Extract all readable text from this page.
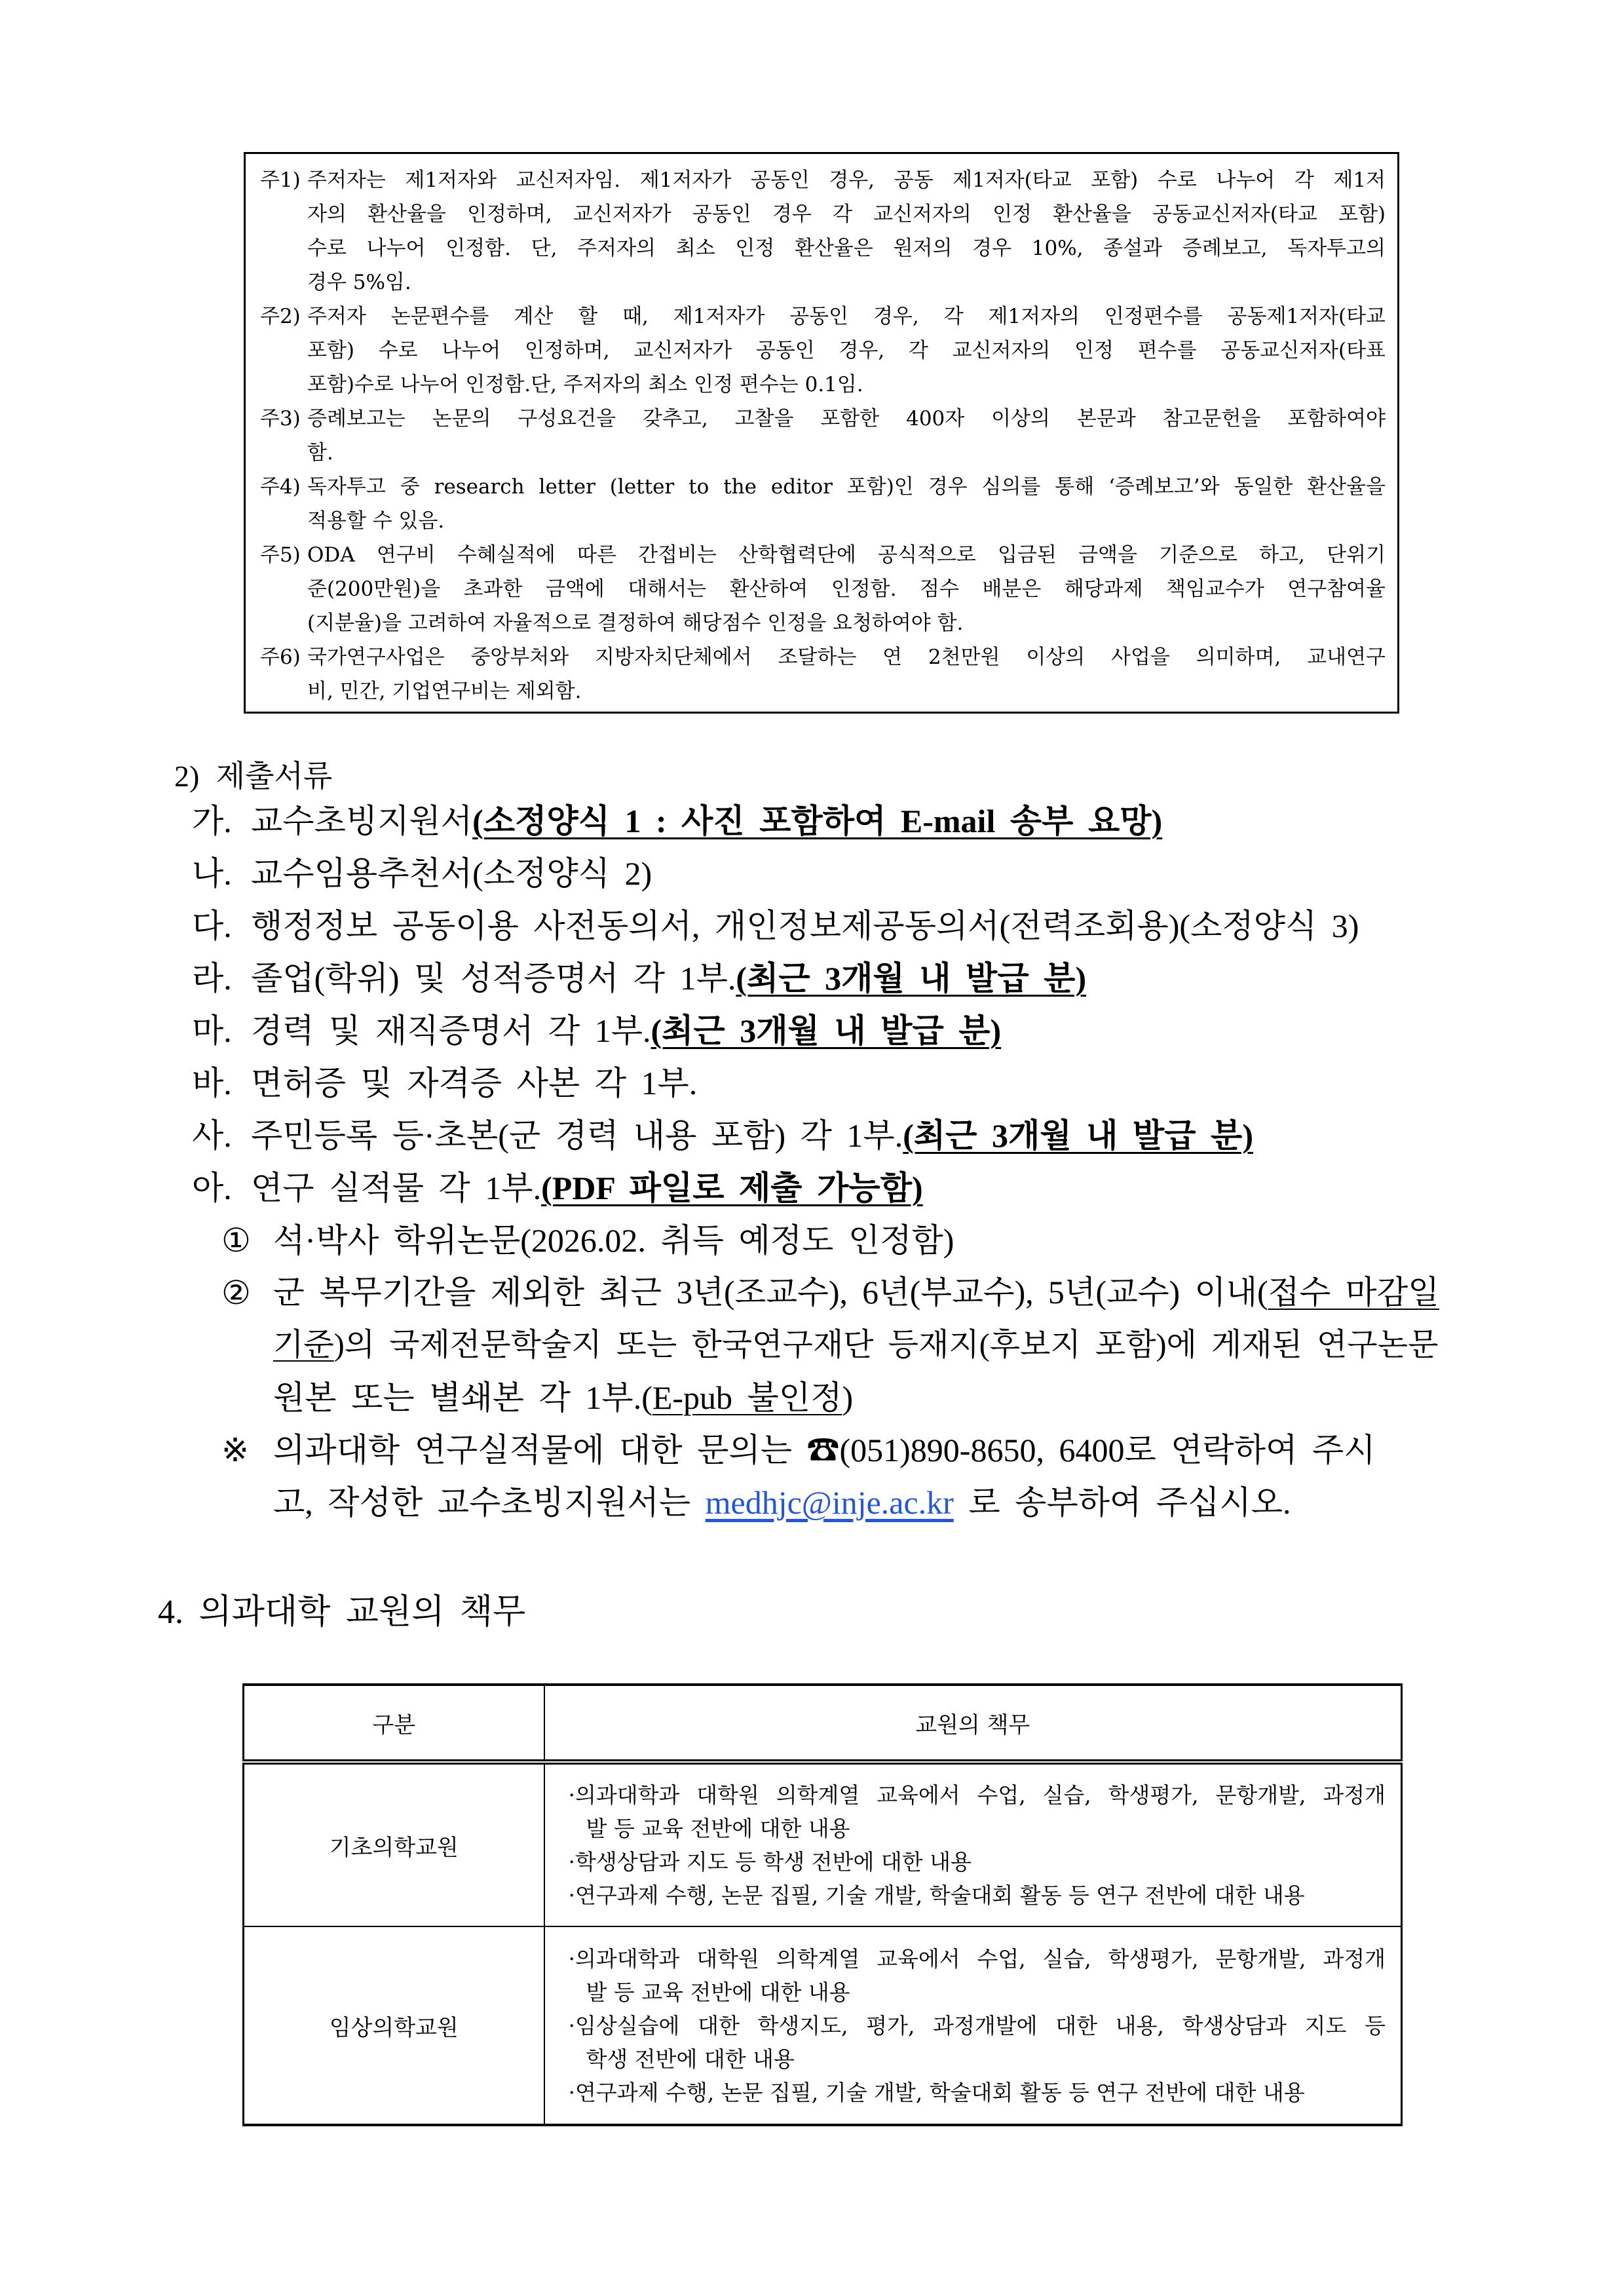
주1) 주저자는 제1저자와 교신저자임. 제1저자가 공동인 경우, 공동 제1저자(타교 포함) 수로 나누어 각 제1저
자의 환산율을 인정하며, 교신저자가 공동인 경우 각 교신저자의 인정 환산율을 공동교신저자(타교 포함)
수로 나누어 인정함. 단, 주저자의 최소 인정 환산율은 원저의 경우 10%, 종설과 증례보고, 독자투고의
경우 5%임.
주2) 주저자 논문편수를 계산 할 때, 제1저자가 공동인 경우, 각 제1저자의 인정편수를 공동제1저자(타교
포함) 수로 나누어 인정하며, 교신저자가 공동인 경우, 각 교신저자의 인정 편수를 공동교신저자(타표
포함)수로 나누어 인정함.단, 주저자의 최소 인정 편수는 0.1임.
주3) 증례보고는 논문의 구성요건을 갖추고, 고찰을 포함한 400자 이상의 본문과 참고문헌을 포함하여야
함.
주4) 독자투고 중 research letter (letter to the editor 포함)인 경우 심의를 통해 ‘증례보고’와 동일한 환산율을
적용할 수 있음.
주5) ODA 연구비 수혜실적에 따른 간접비는 산학협력단에 공식적으로 입금된 금액을 기준으로 하고, 단위기
준(200만원)을 초과한 금액에 대해서는 환산하여 인정함. 점수 배분은 해당과제 책임교수가 연구참여율
(지분율)을 고려하여 자율적으로 결정하여 해당점수 인정을 요청하여야 함.
주6) 국가연구사업은 중앙부처와 지방자치단체에서 조달하는 연 2천만원 이상의 사업을 의미하며, 교내연구
비, 민간, 기업연구비는 제외함.
2) 제출서류
가. 교수초빙지원서(소정양식 1 : 사진 포함하여 E-mail 송부 요망)
나. 교수임용추천서(소정양식 2)
다. 행정정보 공동이용 사전동의서, 개인정보제공동의서(전력조회용)(소정양식 3)
라. 졸업(학위) 및 성적증명서 각 1부.(최근 3개월 내 발급 분)
마. 경력 및 재직증명서 각 1부.(최근 3개월 내 발급 분)
바. 면허증 및 자격증 사본 각 1부.
사. 주민등록 등·초본(군 경력 내용 포함) 각 1부.(최근 3개월 내 발급 분)
아. 연구 실적물 각 1부.(PDF 파일로 제출 가능함)
① 석·박사 학위논문(2026.02. 취득 예정도 인정함)
② 군 복무기간을 제외한 최근 3년(조교수), 6년(부교수), 5년(교수) 이내(접수 마감일
기준)의 국제전문학술지 또는 한국연구재단 등재지(후보지 포함)에 게재된 연구논문
원본 또는 별쇄본 각 1부.(E-pub 불인정)
※ 의과대학 연구실적물에 대한 문의는 ☎(051)890-8650, 6400로 연락하여 주시
고, 작성한 교수초빙지원서는 medhjc@inje.ac.kr 로 송부하여 주십시오.
4. 의과대학 교원의 책무
구분	교원의 책무
기초의학교원	·의과대학과 대학원 의학계열 교육에서 수업, 실습, 학생평가, 문항개발, 과정개
발 등 교육 전반에 대한 내용
·학생상담과 지도 등 학생 전반에 대한 내용
·연구과제 수행, 논문 집필, 기술 개발, 학술대회 활동 등 연구 전반에 대한 내용

임상의학교원	·의과대학과 대학원 의학계열 교육에서 수업, 실습, 학생평가, 문항개발, 과정개
발 등 교육 전반에 대한 내용
·임상실습에 대한 학생지도, 평가, 과정개발에 대한 내용, 학생상담과 지도 등
학생 전반에 대한 내용
·연구과제 수행, 논문 집필, 기술 개발, 학술대회 활동 등 연구 전반에 대한 내용
